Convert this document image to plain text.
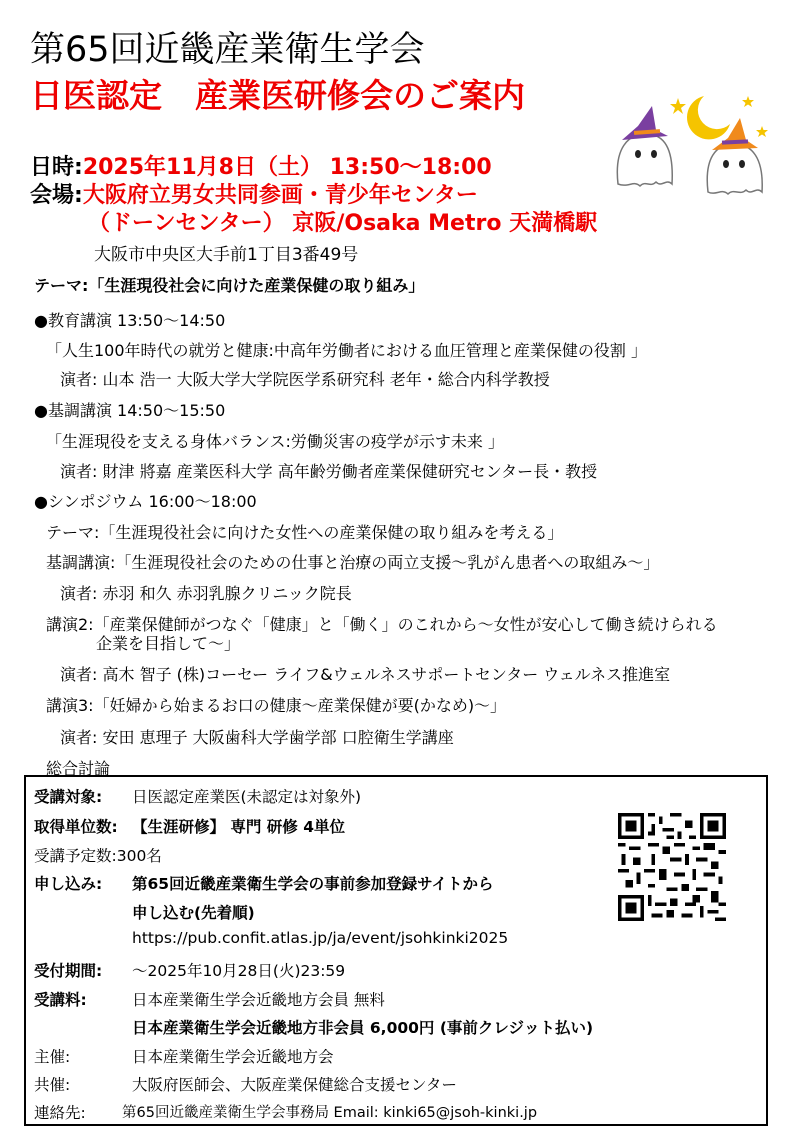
第65回近畿産業衛生学会
日医認定　産業医研修会のご案内
日時:2025年11月8日（土） 13:50〜18:00
会場:大阪府立男女共同参画・青少年センター
（ドーンセンター） 京阪/Osaka Metro 天満橋駅
大阪市中央区大手前1丁目3番49号
テーマ:「生涯現役社会に向けた産業保健の取り組み」
●教育講演 13:50〜14:50
「人生100年時代の就労と健康:中高年労働者における血圧管理と産業保健の役割 」
演者: 山本 浩一 大阪大学大学院医学系研究科 老年・総合内科学教授
●基調講演 14:50〜15:50
「生涯現役を支える身体バランス:労働災害の疫学が示す未来 」
演者: 財津 將嘉 産業医科大学 高年齢労働者産業保健研究センター長・教授
●シンポジウム 16:00〜18:00
テーマ:「生涯現役社会に向けた女性への産業保健の取り組みを考える」
基調講演:「生涯現役社会のための仕事と治療の両立支援〜乳がん患者への取組み〜」
演者: 赤羽 和久 赤羽乳腺クリニック院長
講演2:「産業保健師がつなぐ「健康」と「働く」のこれから〜女性が安心して働き続けられる
企業を目指して〜」
演者: 高木 智子 (株)コーセー ライフ&ウェルネスサポートセンター ウェルネス推進室
講演3:「妊婦から始まるお口の健康〜産業保健が要(かなめ)〜」
演者: 安田 恵理子 大阪歯科大学歯学部 口腔衛生学講座
総合討論
受講対象: 日医認定産業医(未認定は対象外)
取得単位数: 【生涯研修】 専門 研修 4単位
受講予定数:300名
申し込み: 第65回近畿産業衛生学会の事前参加登録サイトから
申し込む(先着順)
https://pub.confit.atlas.jp/ja/event/jsohkinki2025
受付期間: 〜2025年10月28日(火)23:59
受講料:	日本産業衛生学会近畿地方会員 無料
日本産業衛生学会近畿地方非会員 6,000円 (事前クレジット払い)
主催:	日本産業衛生学会近畿地方会
共催:	大阪府医師会、大阪産業保健総合支援センター
連絡先:	第65回近畿産業衛生学会事務局 Email: kinki65@jsoh-kinki.jp
